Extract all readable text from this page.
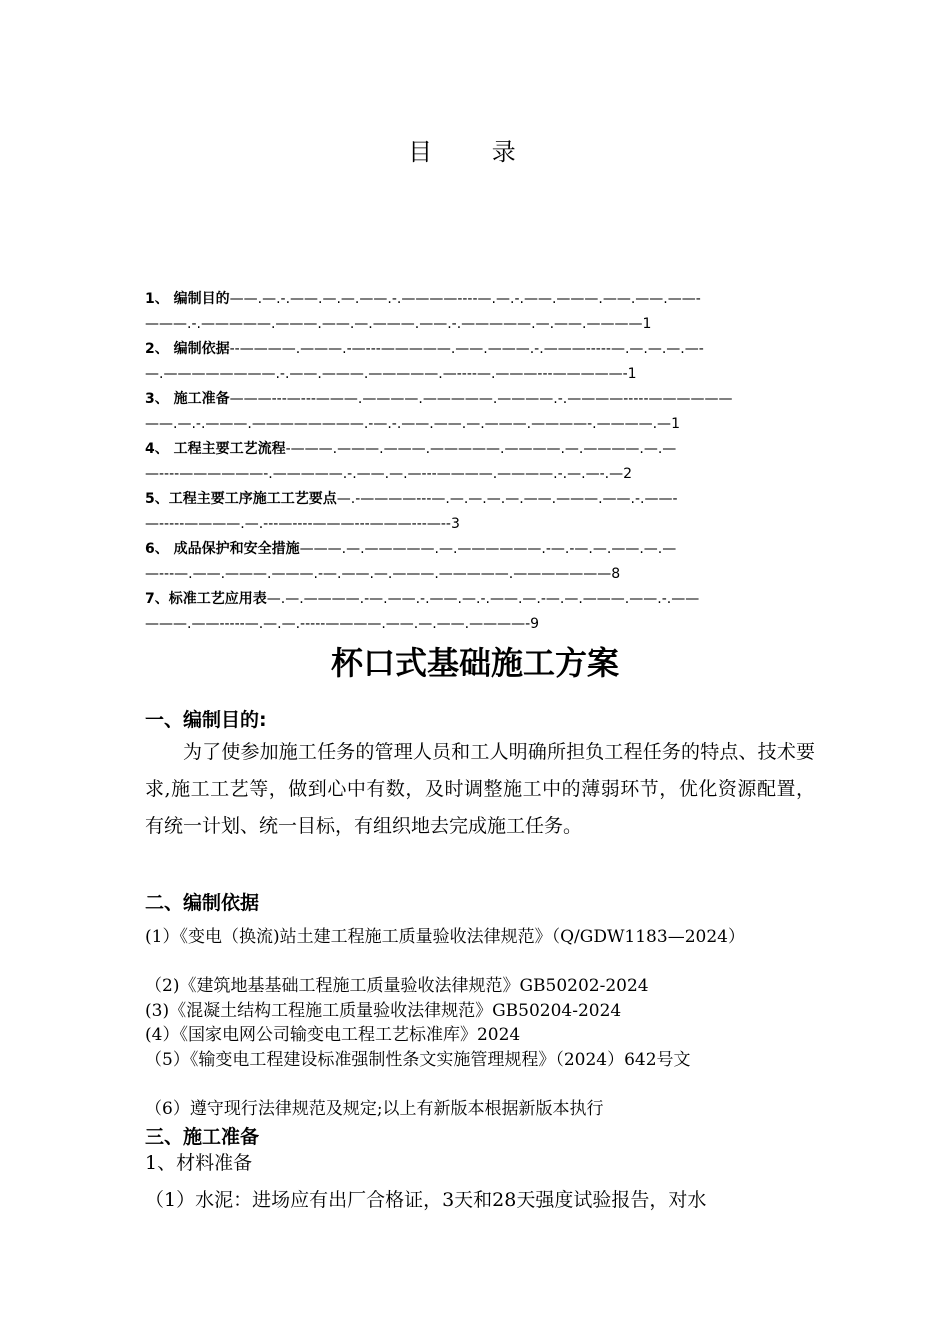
目 录
1、 编制目的——.—.-.——.—.—.——.-.————----—.—.-.——.———.——.——.——-
———.-.—————.———.——.—.———.——.-.—————.—.——.————1
2、 编制依据--————.———.-—---—————.——.———.-.———-----—.—.—.—.—-
—.————————.-.——.———.—————.—----—.———---—————-1
3、 施工准备———---—---———.————.—————.————.-.————-----——————
——.—.-.———.————————.-—.-.——.——.—.———.————-.————.—1
4、 工程主要工艺流程-———.———.———.—————.————.—.————.—.—
—----——————-.—————.-.——.—.—---————.————.-.—.—-.—2
5、工程主要工序施工工艺要点—.-————---—.—.—.—.—.——.———.——.-.——-
—-----————.—.---—----———---———---—--3
6、 成品保护和安全措施———.—.—————.—.——————.-—.-—.—.——.—.—
—---—.——.———.———.-—.——.—.———.—————.———————8
7、标准工艺应用表—.—.————.-—.——.-.——.—.-.——.—.-—.—.———.——.-.——
———.——-----—.—.—.-----————.——.—.——.————-9
杯口式基础施工方案
一、编制目的:
为了使参加施工任务的管理人员和工人明确所担负工程任务的特点、技术要求,施工工艺等，做到心中有数，及时调整施工中的薄弱环节，优化资源配置，有统一计划、统一目标，有组织地去完成施工任务。
二、编制依据
(1）《变电（换流)站土建工程施工质量验收法律规范》（Q/GDW1183—2024）
（2)《建筑地基基础工程施工质量验收法律规范》GB50202-2024
(3)《混凝土结构工程施工质量验收法律规范》GB50204-2024
(4）《国家电网公司输变电工程工艺标准库》2024
（5）《输变电工程建设标准强制性条文实施管理规程》（2024）642号文
（6）遵守现行法律规范及规定;以上有新版本根据新版本执行
三、施工准备
1、材料准备
（1）水泥：进场应有出厂合格证，3天和28天强度试验报告，对水
